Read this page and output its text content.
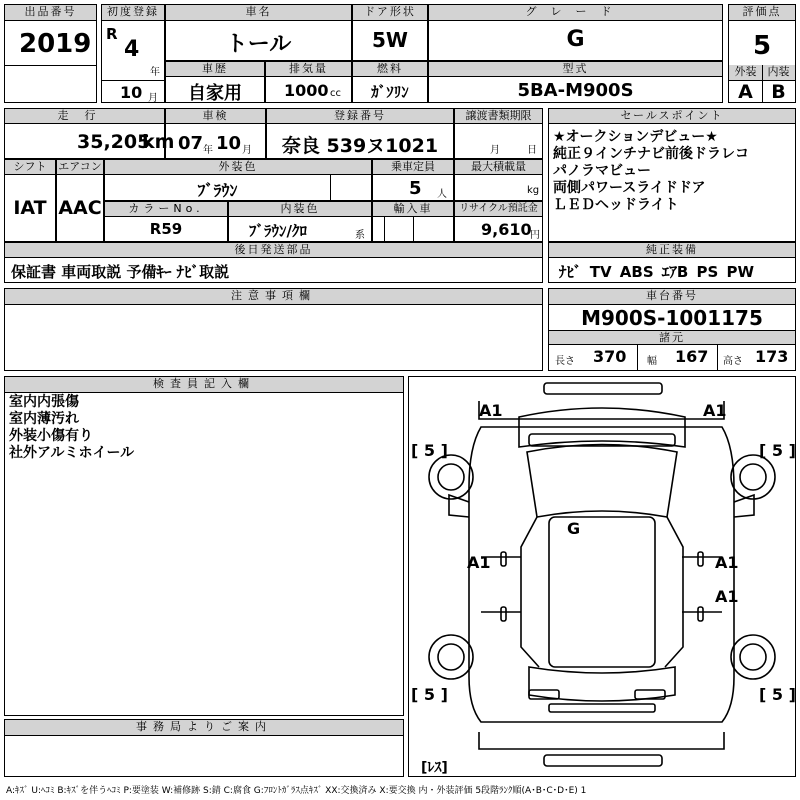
出品番号
2019
初度登録
R
4
年
10 月
車名
トール
ドア形状
5W
グレード
G
評価点
5
外装	内装
A B
車歴
自家用
排気量
1000 cc
燃料
ｶﾞｿﾘﾝ
型式
5BA-M900S
走行
35,205
km
車検
07 年 10 月
登録番号
奈良 539ヌ1021
譲渡書類期限
月	日
セールスポイント
★オークションデビュー★
純正９インチナビ前後ドラレコ
パノラマビュー
両側パワースライドドア
ＬＥＤヘッドライト
シフト
IAT
エアコン
AAC
外装色
ﾌﾞﾗｳﾝ
乗車定員
5 人
最大積載量
kg
カラーNo.
R59
内装色
ﾌﾞﾗｳﾝ/ｸﾛ	系
輸入車	リサイクル預託金
9,610
円
後日発送部品
保証書 車両取説 予備ｷｰ ﾅﾋﾞ取説
純正装備
ﾅﾋﾞ TV ABS ｴｱB PS PW
注意事項欄	車台番号
M900S-1001175
諸元
長さ 370 幅 167 高さ 173
検査員記入欄
室内内張傷
室内薄汚れ
外装小傷有り
社外アルミホイール
事務局よりご案内
A1	A1
[ 5 ]	[ 5 ]
G
A1	A1
A1
[ 5 ]	[ 5 ]
[ﾚｽ]
A:ｷｽﾞ U:ﾍｺﾐ B:ｷｽﾞを伴うﾍｺﾐ P:要塗装 W:補修跡 S:錆 C:腐食 G:ﾌﾛﾝﾄｶﾞﾗｽ点ｷｽﾞ XX:交換済み X:要交換 内・外装評価 5段階ﾗﾝｸ順(A･B･C･D･E) 1
